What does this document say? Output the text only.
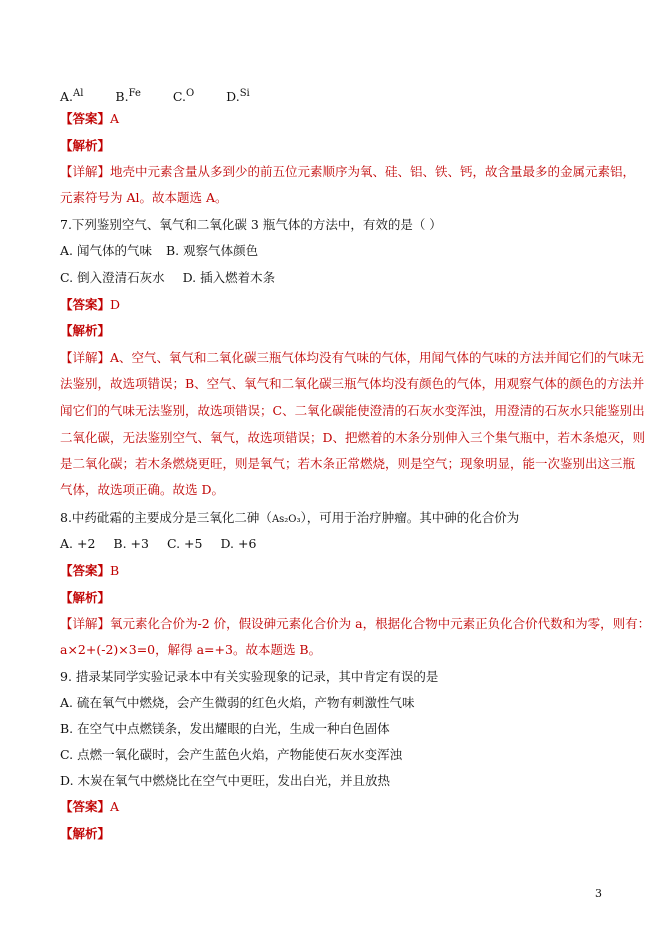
A.$^{Al}$	B.$^{Fe}$	C.$^O$	D.$^{Si}$
【答案】A
【解析】
【详解】地壳中元素含量从多到少的前五位元素顺序为氧、硅、铝、铁、钙，故含量最多的金属元素铝，
元素符号为 Al。故本题选 A。
7.下列鉴别空气、氧气和二氧化碳 3 瓶气体的方法中，有效的是（ ）
A. 闻气体的气味 B. 观察气体颜色
C. 倒入澄清石灰水 D. 插入燃着木条
【答案】D
【解析】
【详解】A、空气、氧气和二氧化碳三瓶气体均没有气味的气体，用闻气体的气味的方法并闻它们的气味无
法鉴别，故选项错误；B、空气、氧气和二氧化碳三瓶气体均没有颜色的气体，用观察气体的颜色的方法并
闻它们的气味无法鉴别，故选项错误；C、二氧化碳能使澄清的石灰水变浑浊，用澄清的石灰水只能鉴别出
二氧化碳，无法鉴别空气、氧气，故选项错误；D、把燃着的木条分别伸入三个集气瓶中，若木条熄灭，则
是二氧化碳；若木条燃烧更旺，则是氧气；若木条正常燃烧，则是空气；现象明显，能一次鉴别出这三瓶
气体，故选项正确。故选 D。
8.中药砒霜的主要成分是三氧化二砷（As₂O₃），可用于治疗肿瘤。其中砷的化合价为
A. +2 B. +3 C. +5 D. +6
【答案】B
【解析】
【详解】氧元素化合价为-2 价，假设砷元素化合价为 a，根据化合物中元素正负化合价代数和为零，则有：
a×2+(-2)×3=0，解得 a=+3。故本题选 B。
9. 措录某同学实验记录本中有关实验现象的记录，其中肯定有误的是
A. 硫在氧气中燃烧，会产生微弱的红色火焰，产物有刺激性气味
B. 在空气中点燃镁条，发出耀眼的白光，生成一种白色固体
C. 点燃一氧化碳时，会产生蓝色火焰，产物能使石灰水变浑浊
D. 木炭在氧气中燃烧比在空气中更旺，发出白光，并且放热
【答案】A
【解析】
3
